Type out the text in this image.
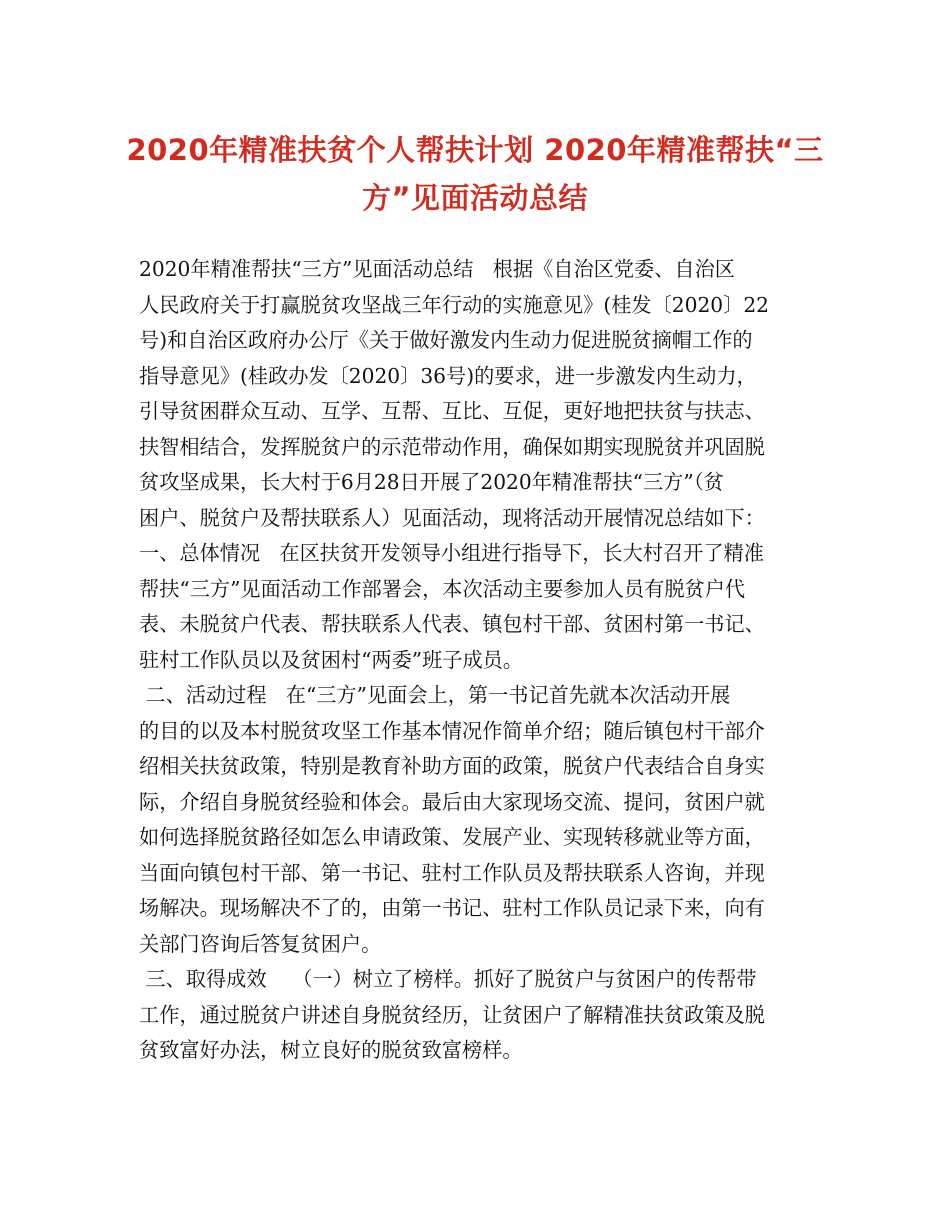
2020年精准扶贫个人帮扶计划 2020年精准帮扶“三
方”见面活动总结
2020年精准帮扶“三方”见面活动总结   根据《自治区党委、自治区
人民政府关于打赢脱贫攻坚战三年行动的实施意见》(桂发〔2020〕22
号)和自治区政府办公厅《关于做好激发内生动力促进脱贫摘帽工作的
指导意见》(桂政办发〔2020〕36号)的要求，进一步激发内生动力，
引导贫困群众互动、互学、互帮、互比、互促，更好地把扶贫与扶志、
扶智相结合，发挥脱贫户的示范带动作用，确保如期实现脱贫并巩固脱
贫攻坚成果，长大村于6月28日开展了2020年精准帮扶“三方”（贫
困户、脱贫户及帮扶联系人）见面活动，现将活动开展情况总结如下：
一、总体情况   在区扶贫开发领导小组进行指导下，长大村召开了精准
帮扶“三方”见面活动工作部署会，本次活动主要参加人员有脱贫户代
表、未脱贫户代表、帮扶联系人代表、镇包村干部、贫困村第一书记、
驻村工作队员以及贫困村“两委”班子成员。
二、活动过程   在“三方”见面会上，第一书记首先就本次活动开展
的目的以及本村脱贫攻坚工作基本情况作简单介绍；随后镇包村干部介
绍相关扶贫政策，特别是教育补助方面的政策，脱贫户代表结合自身实
际，介绍自身脱贫经验和体会。最后由大家现场交流、提问，贫困户就
如何选择脱贫路径如怎么申请政策、发展产业、实现转移就业等方面，
当面向镇包村干部、第一书记、驻村工作队员及帮扶联系人咨询，并现
场解决。现场解决不了的，由第一书记、驻村工作队员记录下来，向有
关部门咨询后答复贫困户。
三、取得成效    （一）树立了榜样。抓好了脱贫户与贫困户的传帮带
工作，通过脱贫户讲述自身脱贫经历，让贫困户了解精准扶贫政策及脱
贫致富好办法，树立良好的脱贫致富榜样。
